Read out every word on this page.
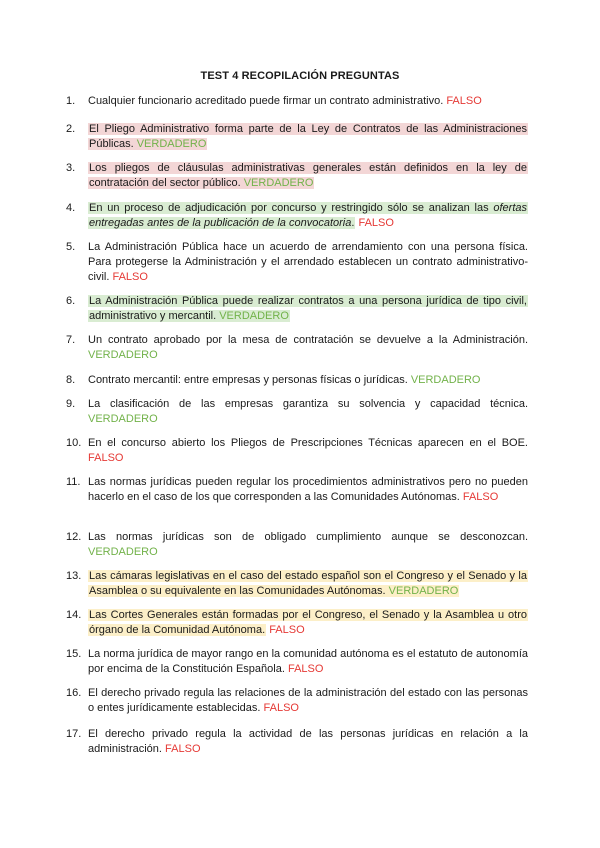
TEST 4 RECOPILACIÓN PREGUNTAS
1. Cualquier funcionario acreditado puede firmar un contrato administrativo. FALSO
2. El Pliego Administrativo forma parte de la Ley de Contratos de las Administraciones Públicas. VERDADERO
3. Los pliegos de cláusulas administrativas generales están definidos en la ley de contratación del sector público. VERDADERO
4. En un proceso de adjudicación por concurso y restringido sólo se analizan las ofertas entregadas antes de la publicación de la convocatoria. FALSO
5. La Administración Pública hace un acuerdo de arrendamiento con una persona física. Para protegerse la Administración y el arrendado establecen un contrato administrativo-civil. FALSO
6. La Administración Pública puede realizar contratos a una persona jurídica de tipo civil, administrativo y mercantil. VERDADERO
7. Un contrato aprobado por la mesa de contratación se devuelve a la Administración. VERDADERO
8. Contrato mercantil: entre empresas y personas físicas o jurídicas. VERDADERO
9. La clasificación de las empresas garantiza su solvencia y capacidad técnica. VERDADERO
10. En el concurso abierto los Pliegos de Prescripciones Técnicas aparecen en el BOE. FALSO
11. Las normas jurídicas pueden regular los procedimientos administrativos pero no pueden hacerlo en el caso de los que corresponden a las Comunidades Autónomas. FALSO
12. Las normas jurídicas son de obligado cumplimiento aunque se desconozcan. VERDADERO
13. Las cámaras legislativas en el caso del estado español son el Congreso y el Senado y la Asamblea o su equivalente en las Comunidades Autónomas. VERDADERO
14. Las Cortes Generales están formadas por el Congreso, el Senado y la Asamblea u otro órgano de la Comunidad Autónoma. FALSO
15. La norma jurídica de mayor rango en la comunidad autónoma es el estatuto de autonomía por encima de la Constitución Española. FALSO
16. El derecho privado regula las relaciones de la administración del estado con las personas o entes jurídicamente establecidas. FALSO
17. El derecho privado regula la actividad de las personas jurídicas en relación a la administración. FALSO
